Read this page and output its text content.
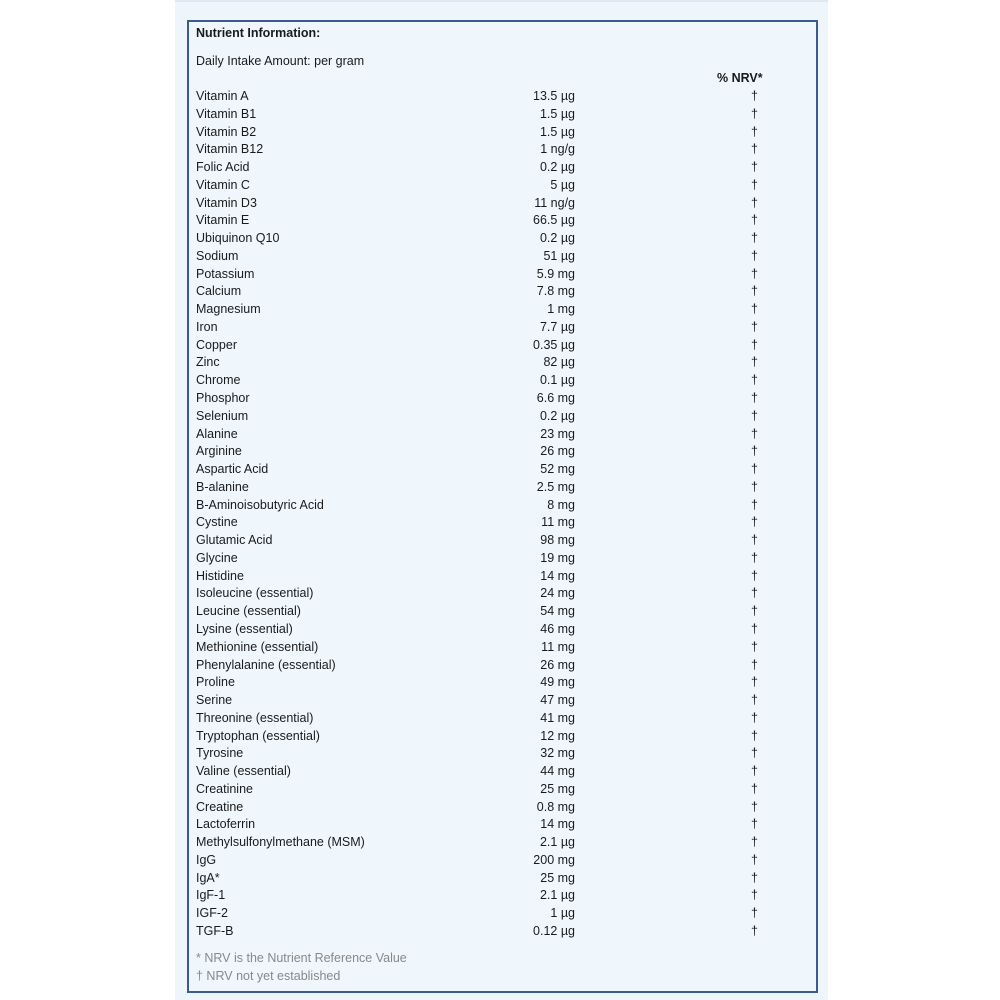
Nutrient Information:
Daily Intake Amount: per gram
% NRV*
Vitamin A	13.5 µg	†
Vitamin B1	1.5 µg	†
Vitamin B2	1.5 µg	†
Vitamin B12	1 ng/g	†
Folic Acid	0.2 µg	†
Vitamin C	5 µg	†
Vitamin D3	11 ng/g	†
Vitamin E	66.5 µg	†
Ubiquinon Q10	0.2 µg	†
Sodium	51 µg	†
Potassium	5.9 mg	†
Calcium	7.8 mg	†
Magnesium	1 mg	†
Iron	7.7 µg	†
Copper	0.35 µg	†
Zinc	82 µg	†
Chrome	0.1 µg	†
Phosphor	6.6 mg	†
Selenium	0.2 µg	†
Alanine	23 mg	†
Arginine	26 mg	†
Aspartic Acid	52 mg	†
B-alanine	2.5 mg	†
B-Aminoisobutyric Acid	8 mg	†
Cystine	11 mg	†
Glutamic Acid	98 mg	†
Glycine	19 mg	†
Histidine	14 mg	†
Isoleucine (essential)	24 mg	†
Leucine (essential)	54 mg	†
Lysine (essential)	46 mg	†
Methionine (essential)	11 mg	†
Phenylalanine (essential)	26 mg	†
Proline	49 mg	†
Serine	47 mg	†
Threonine (essential)	41 mg	†
Tryptophan (essential)	12 mg	†
Tyrosine	32 mg	†
Valine (essential)	44 mg	†
Creatinine	25 mg	†
Creatine	0.8 mg	†
Lactoferrin	14 mg	†
Methylsulfonylmethane (MSM)	2.1 µg	†
IgG	200 mg	†
IgA*	25 mg	†
IgF-1	2.1 µg	†
IGF-2	1 µg	†
TGF-B	0.12 µg	†
* NRV is the Nutrient Reference Value
† NRV not yet established
